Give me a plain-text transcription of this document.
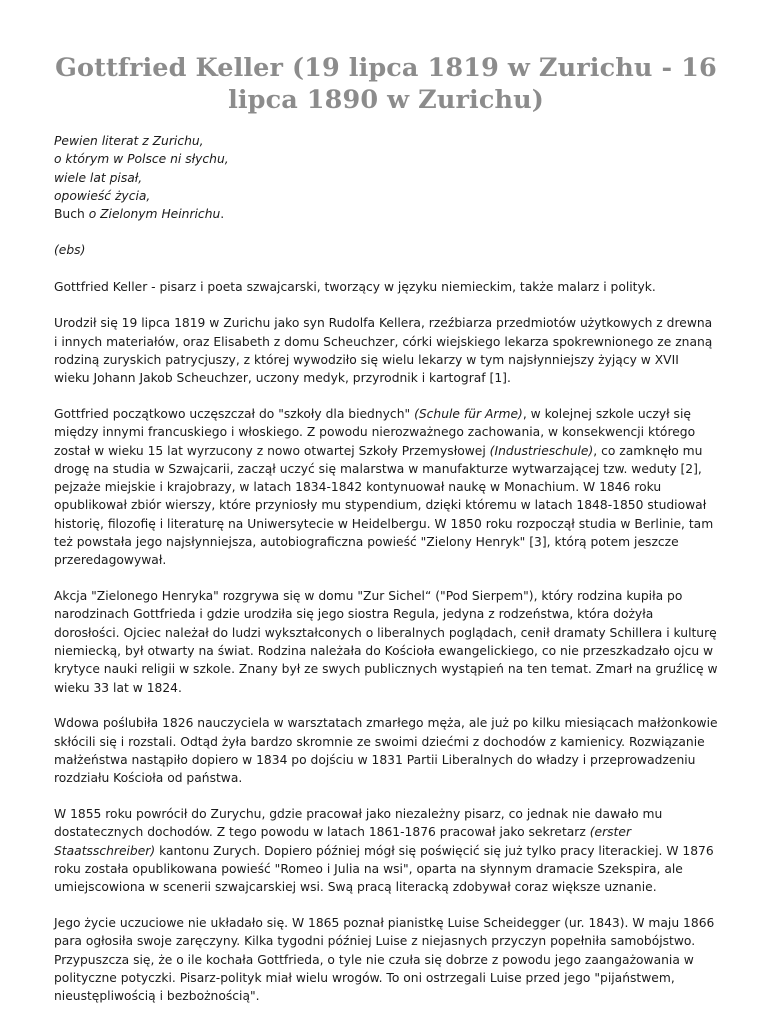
Gottfried Keller (19 lipca 1819 w Zurichu - 16 lipca 1890 w Zurichu)
Pewien literat z Zurichu,
o którym w Polsce ni słychu,
wiele lat pisał,
opowieść życia,
Buch o Zielonym Heinrichu.
(ebs)

Gottfried Keller - pisarz i poeta szwajcarski, tworzący w języku niemieckim, także malarz i polityk.

Urodził się 19 lipca 1819 w Zurichu jako syn Rudolfa Kellera, rzeźbiarza przedmiotów użytkowych z drewna i innych materiałów, oraz Elisabeth z domu Scheuchzer, córki wiejskiego lekarza spokrewnionego ze znaną rodziną zuryskich patrycjuszy, z której wywodziło się wielu lekarzy w tym najsłynniejszy żyjący w XVII wieku Johann Jakob Scheuchzer, uczony medyk, przyrodnik i kartograf [1].

Gottfried początkowo uczęszczał do "szkoły dla biednych" (Schule für Arme), w kolejnej szkole uczył się między innymi francuskiego i włoskiego. Z powodu nierozważnego zachowania, w konsekwencji którego został w wieku 15 lat wyrzucony z nowo otwartej Szkoły Przemysłowej (Industrieschule), co zamknęło mu drogę na studia w Szwajcarii, zaczął uczyć się malarstwa w manufakturze wytwarzającej tzw. weduty [2], pejzaże miejskie i krajobrazy, w latach 1834-1842 kontynuował naukę w Monachium. W 1846 roku opublikował zbiór wierszy, które przyniosły mu stypendium, dzięki któremu w latach 1848-1850 studiował historię, filozofię i literaturę na Uniwersytecie w Heidelbergu. W 1850 roku rozpoczął studia w Berlinie, tam też powstała jego najsłynniejsza, autobiograficzna powieść "Zielony Henryk" [3], którą potem jeszcze przeredagowywał.

Akcja "Zielonego Henryka" rozgrywa się w domu "Zur Sichel“ ("Pod Sierpem"), który rodzina kupiła po narodzinach Gottfrieda i gdzie urodziła się jego siostra Regula, jedyna z rodzeństwa, która dożyła dorosłości. Ojciec należał do ludzi wykształconych o liberalnych poglądach, cenił dramaty Schillera i kulturę niemiecką, był otwarty na świat. Rodzina należała do Kościoła ewangelickiego, co nie przeszkadzało ojcu w krytyce nauki religii w szkole. Znany był ze swych publicznych wystąpień na ten temat. Zmarł na gruźlicę w wieku 33 lat w 1824.

Wdowa poślubiła 1826 nauczyciela w warsztatach zmarłego męża, ale już po kilku miesiącach małżonkowie skłócili się i rozstali. Odtąd żyła bardzo skromnie ze swoimi dziećmi z dochodów z kamienicy. Rozwiązanie małżeństwa nastąpiło dopiero w 1834 po dojściu w 1831 Partii Liberalnych do władzy i przeprowadzeniu rozdziału Kościoła od państwa.

W 1855 roku powrócił do Zurychu, gdzie pracował jako niezależny pisarz, co jednak nie dawało mu dostatecznych dochodów. Z tego powodu w latach 1861-1876 pracował jako sekretarz (erster Staatsschreiber) kantonu Zurych. Dopiero później mógł się poświęcić się już tylko pracy literackiej. W 1876 roku została opublikowana powieść "Romeo i Julia na wsi", oparta na słynnym dramacie Szekspira, ale umiejscowiona w scenerii szwajcarskiej wsi. Swą pracą literacką zdobywał coraz większe uznanie.

Jego życie uczuciowe nie układało się. W 1865 poznał pianistkę Luise Scheidegger (ur. 1843). W maju 1866 para ogłosiła swoje zaręczyny. Kilka tygodni później Luise z niejasnych przyczyn popełniła samobójstwo. Przypuszcza się, że o ile kochała Gottfrieda, o tyle nie czuła się dobrze z powodu jego zaangażowania w polityczne potyczki. Pisarz-polityk miał wielu wrogów. To oni ostrzegali Luise przed jego "pijaństwem, nieustępliwością i bezbożnością".
